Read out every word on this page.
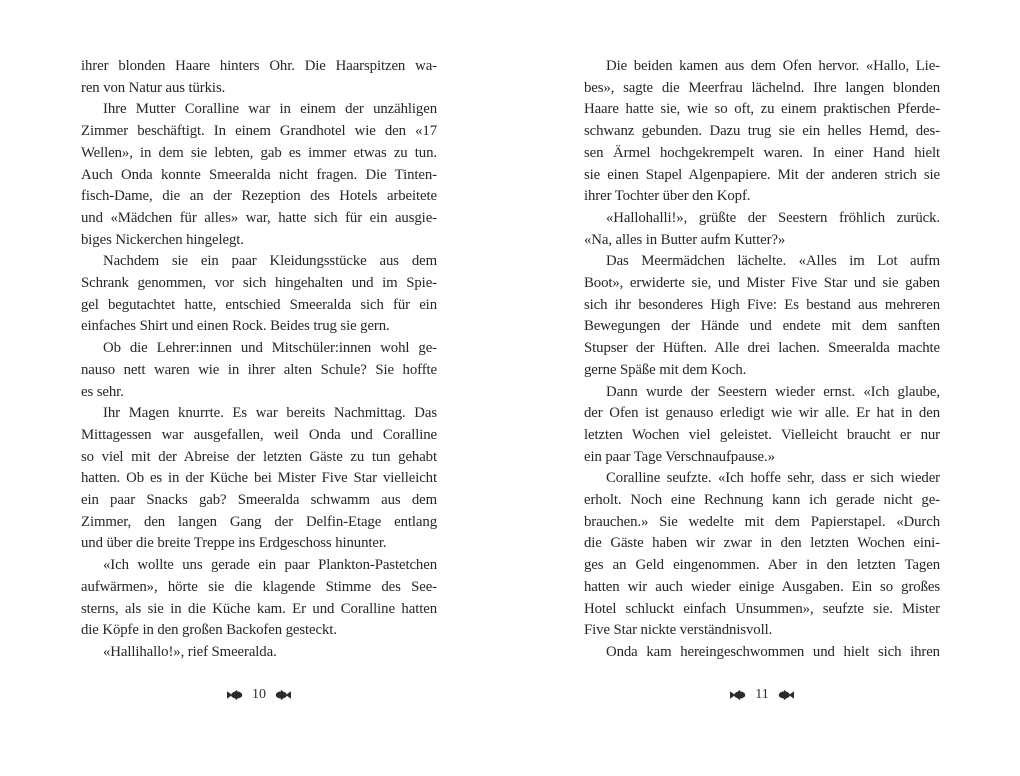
ihrer blonden Haare hinters Ohr. Die Haarspitzen wa-
ren von Natur aus türkis.
Ihre Mutter Coralline war in einem der unzähligen
Zimmer beschäftigt. In einem Grandhotel wie den «17
Wellen», in dem sie lebten, gab es immer etwas zu tun.
Auch Onda konnte Smeeralda nicht fragen. Die Tinten-
fisch-Dame, die an der Rezeption des Hotels arbeitete
und «Mädchen für alles» war, hatte sich für ein ausgie-
biges Nickerchen hingelegt.
Nachdem sie ein paar Kleidungsstücke aus dem
Schrank genommen, vor sich hingehalten und im Spie-
gel begutachtet hatte, entschied Smeeralda sich für ein
einfaches Shirt und einen Rock. Beides trug sie gern.
Ob die Lehrer:innen und Mitschüler:innen wohl ge-
nauso nett waren wie in ihrer alten Schule? Sie hoffte
es sehr.
Ihr Magen knurrte. Es war bereits Nachmittag. Das
Mittagessen war ausgefallen, weil Onda und Coralline
so viel mit der Abreise der letzten Gäste zu tun gehabt
hatten. Ob es in der Küche bei Mister Five Star vielleicht
ein paar Snacks gab? Smeeralda schwamm aus dem
Zimmer, den langen Gang der Delfin-Etage entlang
und über die breite Treppe ins Erdgeschoss hinunter.
«Ich wollte uns gerade ein paar Plankton-Pastetchen
aufwärmen», hörte sie die klagende Stimme des See-
sterns, als sie in die Küche kam. Er und Coralline hatten
die Köpfe in den großen Backofen gesteckt.
«Hallihallo!», rief Smeeralda.
10
Die beiden kamen aus dem Ofen hervor. «Hallo, Lie-
bes», sagte die Meerfrau lächelnd. Ihre langen blonden
Haare hatte sie, wie so oft, zu einem praktischen Pferde-
schwanz gebunden. Dazu trug sie ein helles Hemd, des-
sen Ärmel hochgekrempelt waren. In einer Hand hielt
sie einen Stapel Algenpapiere. Mit der anderen strich sie
ihrer Tochter über den Kopf.
«Hallohalli!», grüßte der Seestern fröhlich zurück.
«Na, alles in Butter aufm Kutter?»
Das Meermädchen lächelte. «Alles im Lot aufm
Boot», erwiderte sie, und Mister Five Star und sie gaben
sich ihr besonderes High Five: Es bestand aus mehreren
Bewegungen der Hände und endete mit dem sanften
Stupser der Hüften. Alle drei lachen. Smeeralda machte
gerne Späße mit dem Koch.
Dann wurde der Seestern wieder ernst. «Ich glaube,
der Ofen ist genauso erledigt wie wir alle. Er hat in den
letzten Wochen viel geleistet. Vielleicht braucht er nur
ein paar Tage Verschnaufpause.»
Coralline seufzte. «Ich hoffe sehr, dass er sich wieder
erholt. Noch eine Rechnung kann ich gerade nicht ge-
brauchen.» Sie wedelte mit dem Papierstapel. «Durch
die Gäste haben wir zwar in den letzten Wochen eini-
ges an Geld eingenommen. Aber in den letzten Tagen
hatten wir auch wieder einige Ausgaben. Ein so großes
Hotel schluckt einfach Unsummen», seufzte sie. Mister
Five Star nickte verständnisvoll.
Onda kam hereingeschwommen und hielt sich ihren
11
